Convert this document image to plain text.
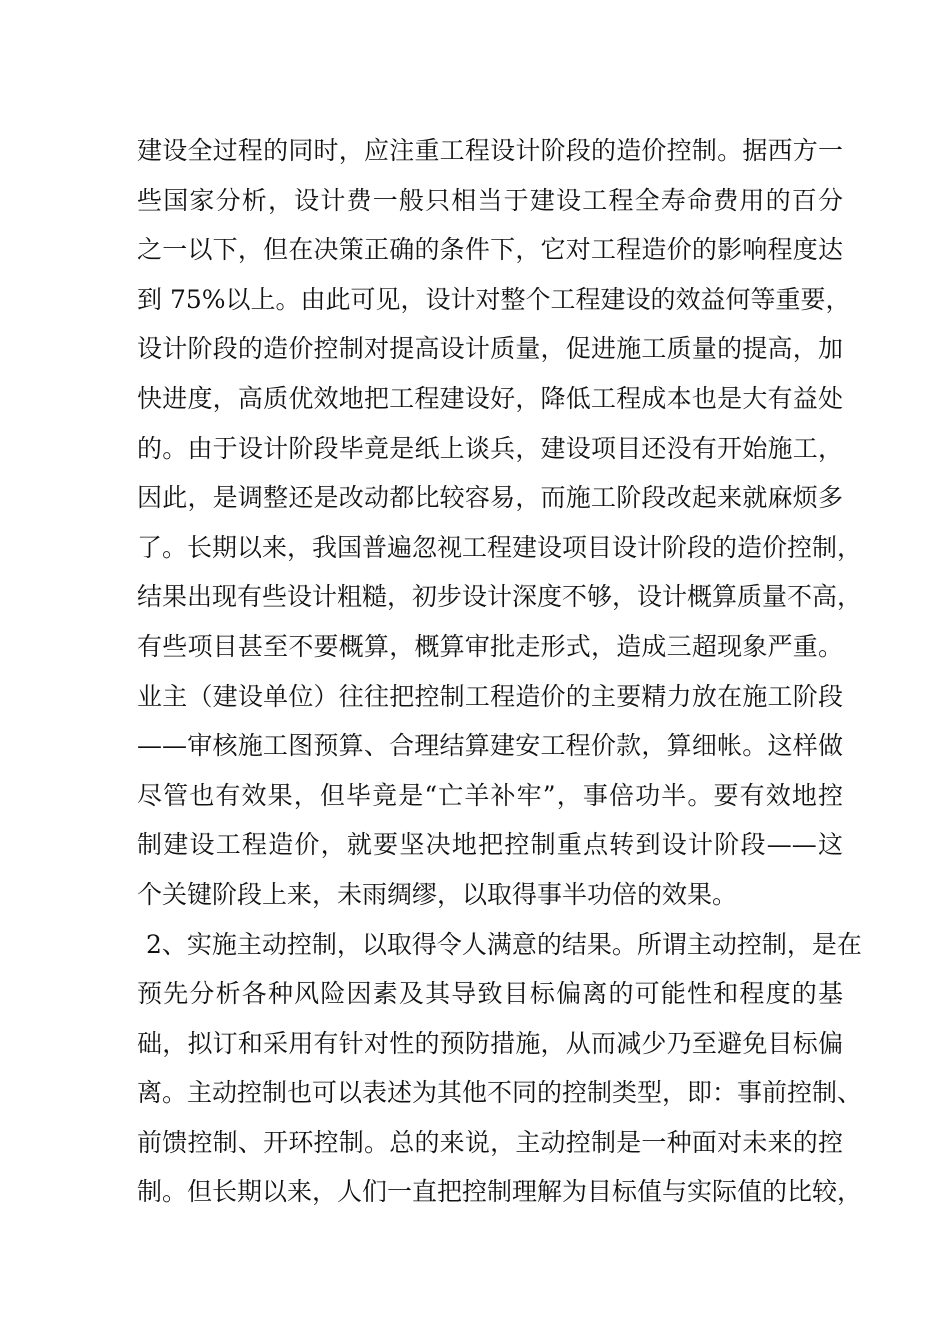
建设全过程的同时，应注重工程设计阶段的造价控制。据西方一
些国家分析，设计费一般只相当于建设工程全寿命费用的百分
之一以下，但在决策正确的条件下，它对工程造价的影响程度达
到 75%以上。由此可见，设计对整个工程建设的效益何等重要，
设计阶段的造价控制对提高设计质量，促进施工质量的提高，加
快进度，高质优效地把工程建设好，降低工程成本也是大有益处
的。由于设计阶段毕竟是纸上谈兵，建设项目还没有开始施工，
因此，是调整还是改动都比较容易，而施工阶段改起来就麻烦多
了。长期以来，我国普遍忽视工程建设项目设计阶段的造价控制，
结果出现有些设计粗糙，初步设计深度不够，设计概算质量不高，
有些项目甚至不要概算，概算审批走形式，造成三超现象严重。
业主（建设单位）往往把控制工程造价的主要精力放在施工阶段
——审核施工图预算、合理结算建安工程价款，算细帐。这样做
尽管也有效果，但毕竟是“亡羊补牢”，事倍功半。要有效地控
制建设工程造价，就要坚决地把控制重点转到设计阶段——这
个关键阶段上来，未雨绸缪，以取得事半功倍的效果。
2、实施主动控制，以取得令人满意的结果。所谓主动控制，是在
预先分析各种风险因素及其导致目标偏离的可能性和程度的基
础，拟订和采用有针对性的预防措施，从而减少乃至避免目标偏
离。主动控制也可以表述为其他不同的控制类型，即：事前控制、
前馈控制、开环控制。总的来说，主动控制是一种面对未来的控
制。但长期以来，人们一直把控制理解为目标值与实际值的比较，
